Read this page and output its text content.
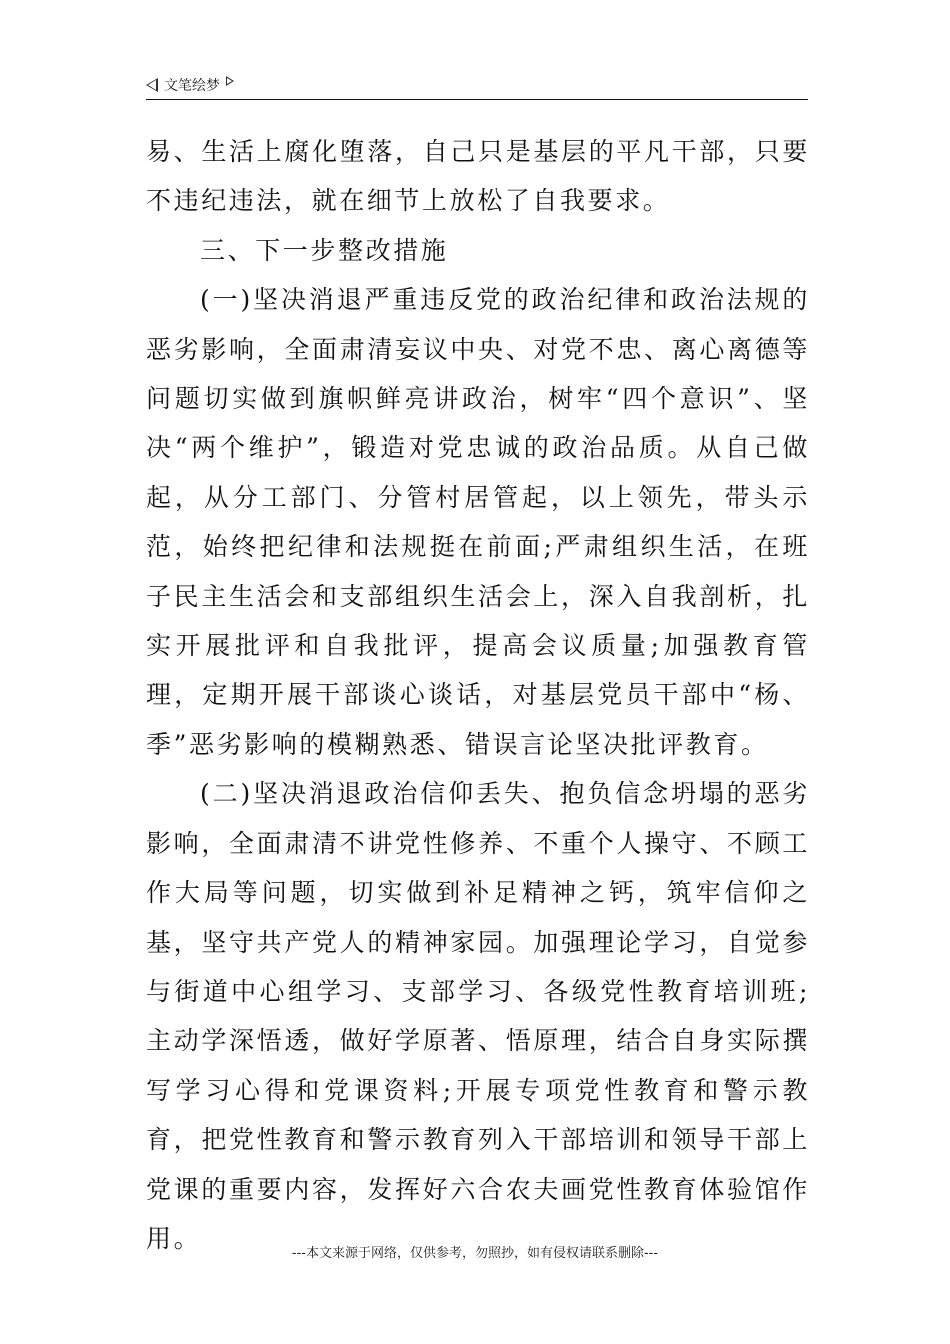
文笔绘梦

易、生活上腐化堕落，自己只是基层的平凡干部，只要不违纪违法，就在细节上放松了自我要求。

三、下一步整改措施

(一)坚决消退严重违反党的政治纪律和政治法规的恶劣影响，全面肃清妄议中央、对党不忠、离心离德等问题切实做到旗帜鲜亮讲政治，树牢“四个意识”、坚决“两个维护”，锻造对党忠诚的政治品质。从自己做起，从分工部门、分管村居管起，以上领先，带头示范，始终把纪律和法规挺在前面;严肃组织生活，在班子民主生活会和支部组织生活会上，深入自我剖析，扎实开展批评和自我批评，提高会议质量;加强教育管理，定期开展干部谈心谈话，对基层党员干部中“杨、季”恶劣影响的模糊熟悉、错误言论坚决批评教育。

(二)坚决消退政治信仰丢失、抱负信念坍塌的恶劣影响，全面肃清不讲党性修养、不重个人操守、不顾工作大局等问题，切实做到补足精神之钙，筑牢信仰之基，坚守共产党人的精神家园。加强理论学习，自觉参与街道中心组学习、支部学习、各级党性教育培训班;主动学深悟透，做好学原著、悟原理，结合自身实际撰写学习心得和党课资料;开展专项党性教育和警示教育，把党性教育和警示教育列入干部培训和领导干部上党课的重要内容，发挥好六合农夫画党性教育体验馆作用。

---本文来源于网络，仅供参考，勿照抄，如有侵权请联系删除---
